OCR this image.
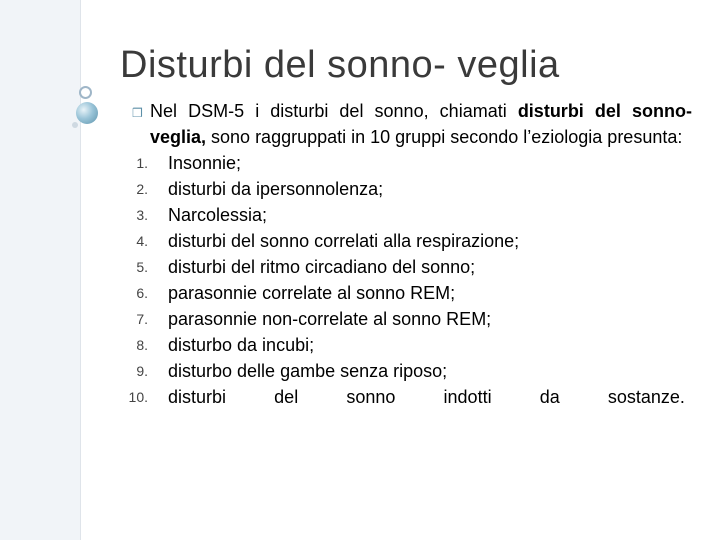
Disturbi del sonno- veglia
❒ Nel DSM-5 i disturbi del sonno, chiamati disturbi del sonno-veglia, sono raggruppati in 10 gruppi secondo l’eziologia presunta:
1. Insonnie;
2. disturbi da ipersonnolenza;
3. Narcolessia;
4. disturbi del sonno correlati alla respirazione;
5. disturbi del ritmo circadiano del sonno;
6. parasonnie correlate al sonno REM;
7. parasonnie non-correlate al sonno REM;
8. disturbo da incubi;
9. disturbo delle gambe senza riposo;
10. disturbi	del	sonno	indotti	da	sostanze.
